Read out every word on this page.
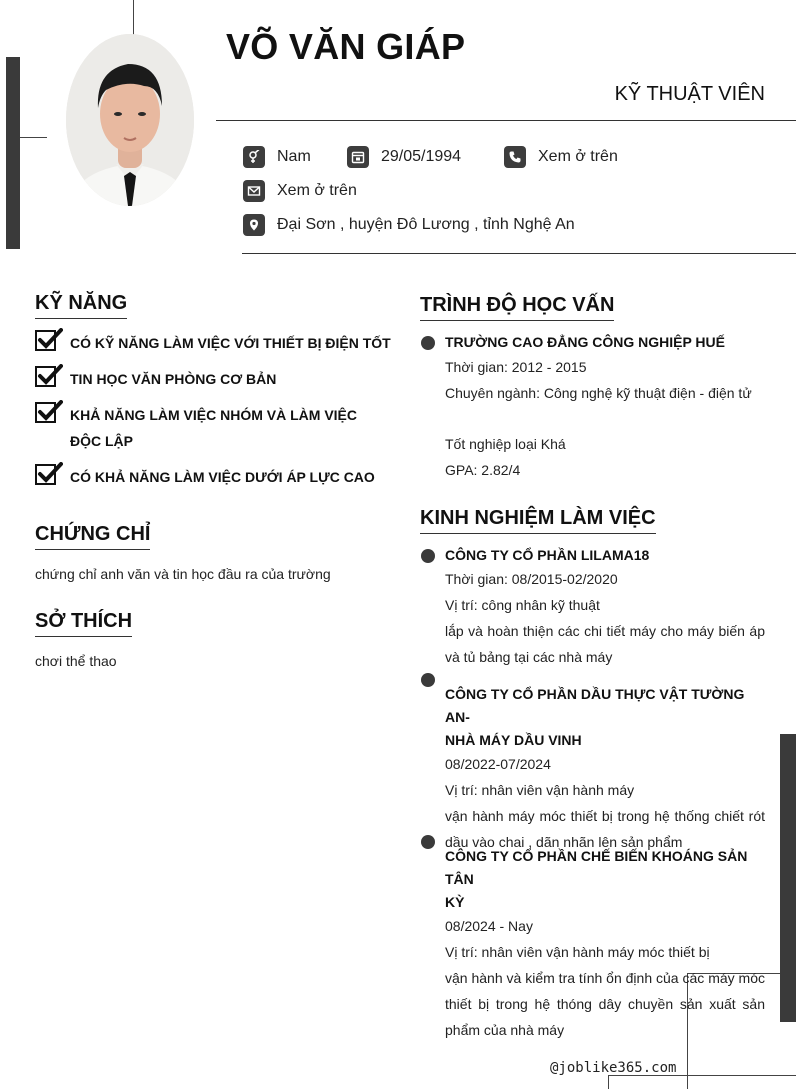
VÕ VĂN GIÁP
KỸ THUẬT VIÊN
Nam	29/05/1994	Xem ở trên
Xem ở trên
Đại Sơn , huyện Đô Lương , tỉnh Nghệ An
KỸ NĂNG
CÓ KỸ NĂNG LÀM VIỆC VỚI THIẾT BỊ ĐIỆN TỐT
TIN HỌC VĂN PHÒNG CƠ BẢN
KHẢ NĂNG LÀM VIỆC NHÓM VÀ LÀM VIỆC ĐỘC LẬP
CÓ KHẢ NĂNG LÀM VIỆC DƯỚI ÁP LỰC CAO
CHỨNG CHỈ
chứng chỉ anh văn và tin học đầu ra của trường
SỞ THÍCH
chơi thể thao
TRÌNH ĐỘ HỌC VẤN
TRƯỜNG CAO ĐẲNG CÔNG NGHIỆP HUẾ
Thời gian: 2012 - 2015
Chuyên ngành: Công nghệ kỹ thuật điện - điện tử
Tốt nghiệp loại Khá
GPA: 2.82/4
KINH NGHIỆM LÀM VIỆC
CÔNG TY CỔ PHẦN LILAMA18
Thời gian: 08/2015-02/2020
Vị trí: công nhân kỹ thuật
lắp và hoàn thiện các chi tiết máy cho máy biến áp
và tủ bảng tại các nhà máy
CÔNG TY CỔ PHẦN DẦU THỰC VẬT TƯỜNG AN-
NHÀ MÁY DẦU VINH
08/2022-07/2024
Vị trí: nhân viên vận hành máy
vận hành máy móc thiết bị trong hệ thống chiết rót
dầu vào chai , dãn nhãn lên sản phẩm
CÔNG TY CỔ PHẦN CHẾ BIẾN KHOÁNG SẢN TÂN
KỲ
08/2024 - Nay
Vị trí: nhân viên vận hành máy móc thiết bị
vận hành và kiểm tra tính ổn định của các máy móc
thiết bị trong hệ thóng dây chuyền sản xuất sản
phẩm của nhà máy
@joblike365.com
